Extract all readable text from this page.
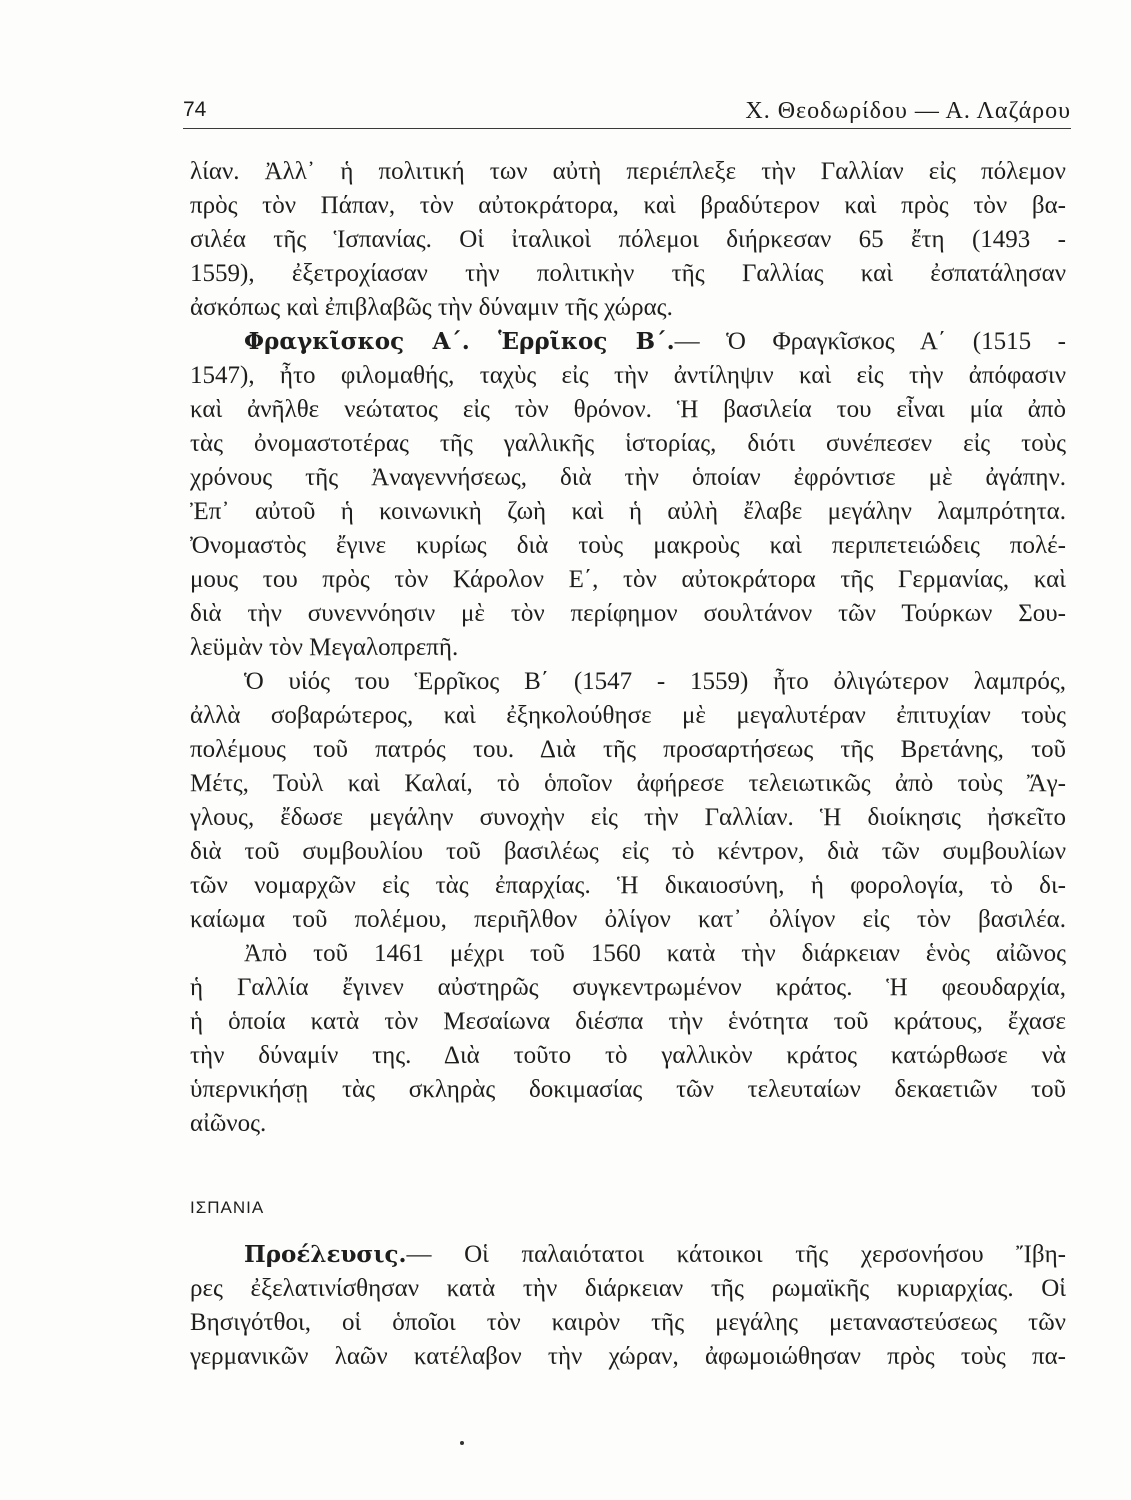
74	Χ. Θεοδωρίδου — Α. Λαζάρου
λίαν. Ἀλλ᾽ ἡ πολιτική των αὐτὴ περιέπλεξε τὴν Γαλλίαν εἰς πόλεμον
πρὸς τὸν Πάπαν, τὸν αὐτοκράτορα, καὶ βραδύτερον καὶ πρὸς τὸν βα-
σιλέα τῆς Ἱσπανίας. Οἱ ἰταλικοὶ πόλεμοι διήρκεσαν 65 ἔτη (1493 -
1559), ἐξετροχίασαν τὴν πολιτικὴν τῆς Γαλλίας καὶ ἐσπατάλησαν
ἀσκόπως καὶ ἐπιβλαβῶς τὴν δύναμιν τῆς χώρας.
Φραγκῖσκος Α΄. Ἑρρῖκος Β΄.— Ὁ Φραγκῖσκος Α΄ (1515 -
1547), ἦτο φιλομαθής, ταχὺς εἰς τὴν ἀντίληψιν καὶ εἰς τὴν ἀπόφασιν
καὶ ἀνῆλθε νεώτατος εἰς τὸν θρόνον. Ἡ βασιλεία του εἶναι μία ἀπὸ
τὰς ὀνομαστοτέρας τῆς γαλλικῆς ἱστορίας, διότι συνέπεσεν εἰς τοὺς
χρόνους τῆς Ἀναγεννήσεως, διὰ τὴν ὁποίαν ἐφρόντισε μὲ ἀγάπην.
Ἐπ᾽ αὐτοῦ ἡ κοινωνικὴ ζωὴ καὶ ἡ αὐλὴ ἔλαβε μεγάλην λαμπρότητα.
Ὀνομαστὸς ἔγινε κυρίως διὰ τοὺς μακροὺς καὶ περιπετειώδεις πολέ-
μους του πρὸς τὸν Κάρολον Ε΄, τὸν αὐτοκράτορα τῆς Γερμανίας, καὶ
διὰ τὴν συνεννόησιν μὲ τὸν περίφημον σουλτάνον τῶν Τούρκων Σου-
λεϋμὰν τὸν Μεγαλοπρεπῆ.
Ὁ υἱός του Ἑρρῖκος Β΄ (1547 - 1559) ἦτο ὀλιγώτερον λαμπρός,
ἀλλὰ σοβαρώτερος, καὶ ἐξηκολούθησε μὲ μεγαλυτέραν ἐπιτυχίαν τοὺς
πολέμους τοῦ πατρός του. Διὰ τῆς προσαρτήσεως τῆς Βρετάνης, τοῦ
Μέτς, Τοὺλ καὶ Καλαί, τὸ ὁποῖον ἀφήρεσε τελειωτικῶς ἀπὸ τοὺς Ἄγ-
γλους, ἔδωσε μεγάλην συνοχὴν εἰς τὴν Γαλλίαν. Ἡ διοίκησις ἠσκεῖτο
διὰ τοῦ συμβουλίου τοῦ βασιλέως εἰς τὸ κέντρον, διὰ τῶν συμβουλίων
τῶν νομαρχῶν εἰς τὰς ἐπαρχίας. Ἡ δικαιοσύνη, ἡ φορολογία, τὸ δι-
καίωμα τοῦ πολέμου, περιῆλθον ὀλίγον κατ᾽ ὀλίγον εἰς τὸν βασιλέα.
Ἀπὸ τοῦ 1461 μέχρι τοῦ 1560 κατὰ τὴν διάρκειαν ἑνὸς αἰῶνος
ἡ Γαλλία ἔγινεν αὐστηρῶς συγκεντρωμένον κράτος. Ἡ φεουδαρχία,
ἡ ὁποία κατὰ τὸν Μεσαίωνα διέσπα τὴν ἑνότητα τοῦ κράτους, ἔχασε
τὴν δύναμίν της. Διὰ τοῦτο τὸ γαλλικὸν κράτος κατώρθωσε νὰ
ὑπερνικήσῃ τὰς σκληρὰς δοκιμασίας τῶν τελευταίων δεκαετιῶν τοῦ
αἰῶνος.
ΙΣΠΑΝΙΑ
Προέλευσις.— Οἱ παλαιότατοι κάτοικοι τῆς χερσονήσου Ἴβη-
ρες ἐξελατινίσθησαν κατὰ τὴν διάρκειαν τῆς ρωμαϊκῆς κυριαρχίας. Οἱ
Βησιγότθοι, οἱ ὁποῖοι τὸν καιρὸν τῆς μεγάλης μεταναστεύσεως τῶν
γερμανικῶν λαῶν κατέλαβον τὴν χώραν, ἀφωμοιώθησαν πρὸς τοὺς πα-
